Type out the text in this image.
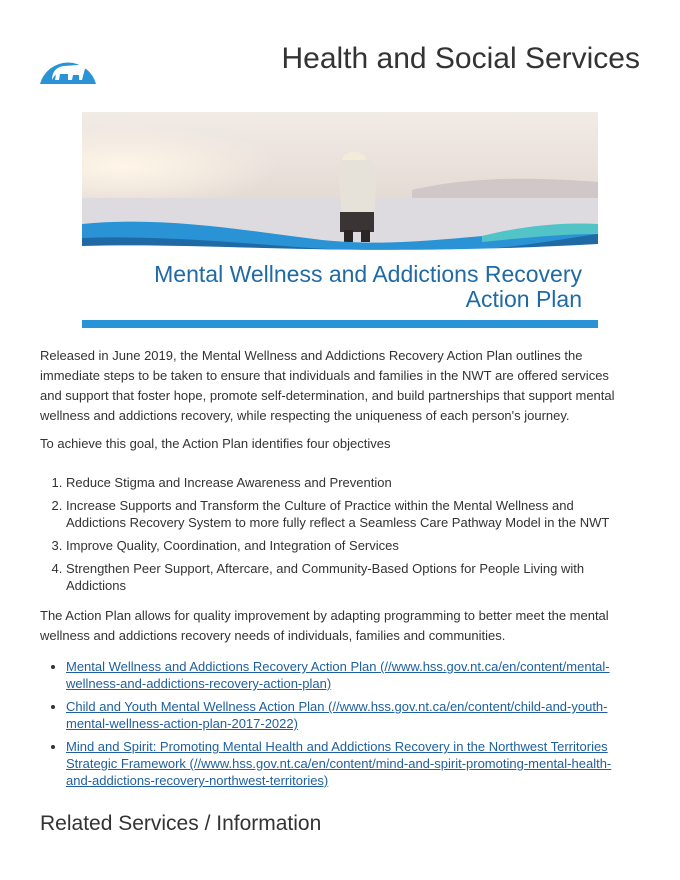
Health and Social Services
Mental Wellness and Addictions Recovery
Action Plan

Released in June 2019, the Mental Wellness and Addictions Recovery Action Plan outlines the immediate steps to be taken to ensure that individuals and families in the NWT are offered services and support that foster hope, promote self-determination, and build partnerships that support mental wellness and addictions recovery, while respecting the uniqueness of each person's journey.

To achieve this goal, the Action Plan identifies four objectives

1. Reduce Stigma and Increase Awareness and Prevention
2. Increase Supports and Transform the Culture of Practice within the Mental Wellness and Addictions Recovery System to more fully reflect a Seamless Care Pathway Model in the NWT
3. Improve Quality, Coordination, and Integration of Services
4. Strengthen Peer Support, Aftercare, and Community-Based Options for People Living with Addictions

The Action Plan allows for quality improvement by adapting programming to better meet the mental wellness and addictions recovery needs of individuals, families and communities.

• Mental Wellness and Addictions Recovery Action Plan (//www.hss.gov.nt.ca/en/content/mental-wellness-and-addictions-recovery-action-plan)
• Child and Youth Mental Wellness Action Plan (//www.hss.gov.nt.ca/en/content/child-and-youth-mental-wellness-action-plan-2017-2022)
• Mind and Spirit: Promoting Mental Health and Addictions Recovery in the Northwest Territories Strategic Framework (//www.hss.gov.nt.ca/en/content/mind-and-spirit-promoting-mental-health-and-addictions-recovery-northwest-territories)
Related Services / Information
